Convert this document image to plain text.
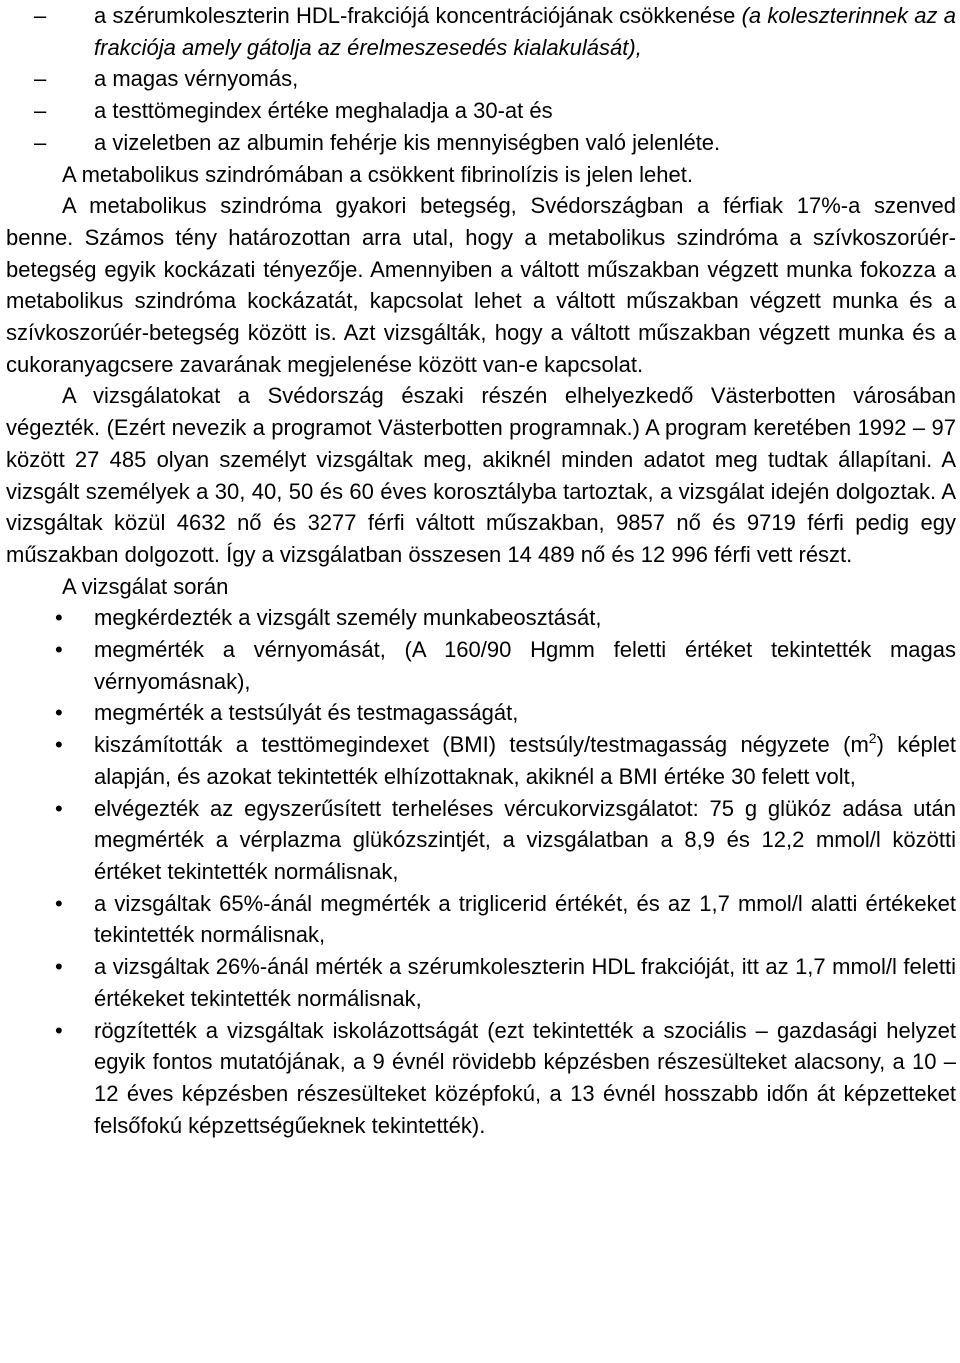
–	a szérumkoleszterin HDL-frakciójá koncentrációjának csökkenése (a koleszterinnek az a frakciója amely gátolja az érelmeszesedés kialakulását),
–	a magas vérnyomás,
–	a testtömegindex értéke meghaladja a 30-at és
–	a vizeletben az albumin fehérje kis mennyiségben való jelenléte.
A metabolikus szindrómában a csökkent fibrinolízis is jelen lehet.
A metabolikus szindróma gyakori betegség, Svédországban a férfiak 17%-a szenved benne. Számos tény határozottan arra utal, hogy a metabolikus szindróma a szívkoszorúér-betegség egyik kockázati tényezője. Amennyiben a váltott műszakban végzett munka fokozza a metabolikus szindróma kockázatát, kapcsolat lehet a váltott műszakban végzett munka és a szívkoszorúér-betegség között is. Azt vizsgálták, hogy a váltott műszakban végzett munka és a cukoranyagcsere zavarának megjelenése között van-e kapcsolat.
A vizsgálatokat a Svédország északi részén elhelyezkedő Västerbotten városában végezték. (Ezért nevezik a programot Västerbotten programnak.) A program keretében 1992 – 97 között 27 485 olyan személyt vizsgáltak meg, akiknél minden adatot meg tudtak állapítani. A vizsgált személyek a 30, 40, 50 és 60 éves korosztályba tartoztak, a vizsgálat idején dolgoztak. A vizsgáltak közül 4632 nő és 3277 férfi váltott műszakban, 9857 nő és 9719 férfi pedig egy műszakban dolgozott. Így a vizsgálatban összesen 14 489 nő és 12 996 férfi vett részt.
A vizsgálat során
•	megkérdezték a vizsgált személy munkabeosztását,
•	megmérték a vérnyomását, (A 160/90 Hgmm feletti értéket tekintették magas vérnyomásnak),
•	megmérték a testsúlyát és testmagasságát,
•	kiszámították a testtömegindexet (BMI) testsúly/testmagasság négyzete $(m^2)$ képlet alapján, és azokat tekintették elhízottaknak, akiknél a BMI értéke 30 felett volt,
•	elvégezték az egyszerűsített terheléses vércukorvizsgálatot: 75 g glükóz adása után megmérték a vérplazma glükózszintjét, a vizsgálatban a 8,9 és 12,2 mmol/l közötti értéket tekintették normálisnak,
•	a vizsgáltak 65%-ánál megmérték a triglicerid értékét, és az 1,7 mmol/l alatti értékeket tekintették normálisnak,
•	a vizsgáltak 26%-ánál mérték a szérumkoleszterin HDL frakcióját, itt az 1,7 mmol/l feletti értékeket tekintették normálisnak,
•	rögzítették a vizsgáltak iskolázottságát (ezt tekintették a szociális – gazdasági helyzet egyik fontos mutatójának, a 9 évnél rövidebb képzésben részesülteket alacsony, a 10 – 12 éves képzésben részesülteket középfokú, a 13 évnél hosszabb időn át képzetteket felsőfokú képzettségűeknek tekintették).
